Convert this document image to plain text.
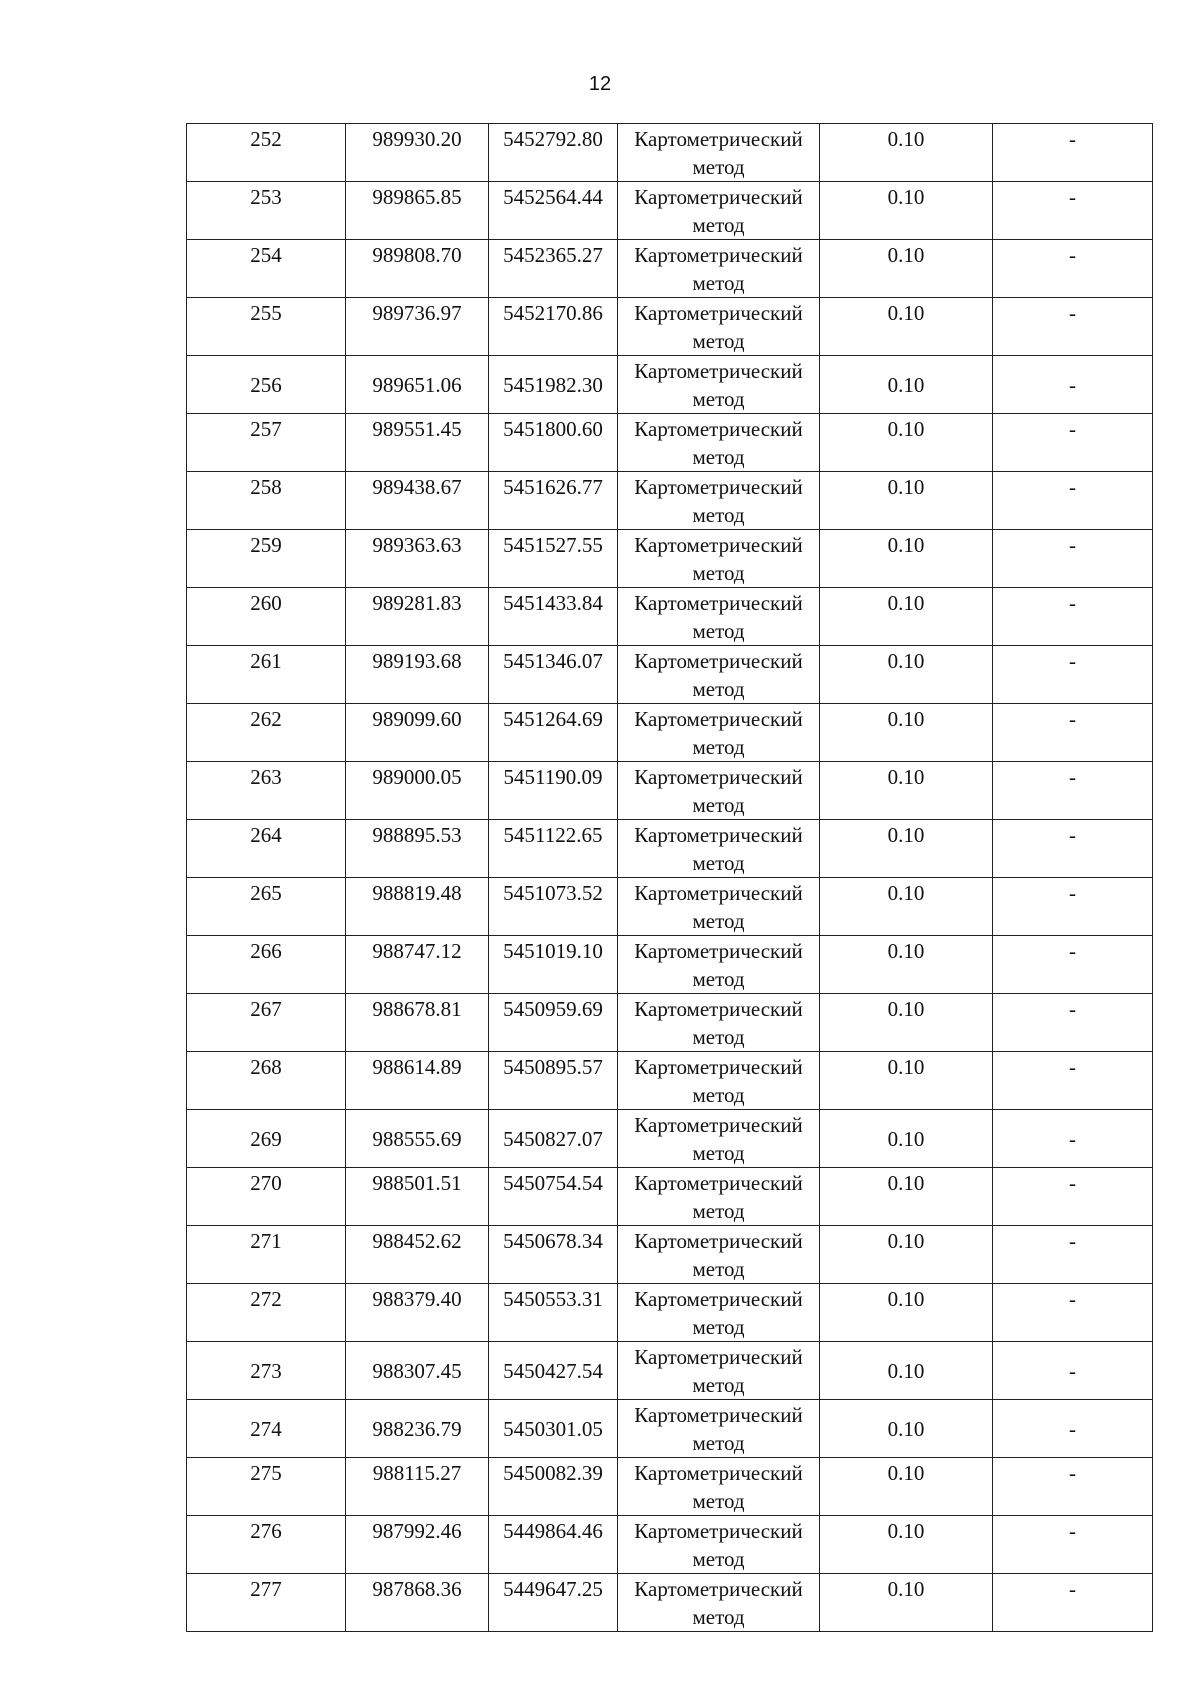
12
252	989930.20	5452792.80	Картометрический метод	0.10	-
253	989865.85	5452564.44	Картометрический метод	0.10	-
254	989808.70	5452365.27	Картометрический метод	0.10	-
255	989736.97	5452170.86	Картометрический метод	0.10	-
256	989651.06	5451982.30	Картометрический метод	0.10	-
257	989551.45	5451800.60	Картометрический метод	0.10	-
258	989438.67	5451626.77	Картометрический метод	0.10	-
259	989363.63	5451527.55	Картометрический метод	0.10	-
260	989281.83	5451433.84	Картометрический метод	0.10	-
261	989193.68	5451346.07	Картометрический метод	0.10	-
262	989099.60	5451264.69	Картометрический метод	0.10	-
263	989000.05	5451190.09	Картометрический метод	0.10	-
264	988895.53	5451122.65	Картометрический метод	0.10	-
265	988819.48	5451073.52	Картометрический метод	0.10	-
266	988747.12	5451019.10	Картометрический метод	0.10	-
267	988678.81	5450959.69	Картометрический метод	0.10	-
268	988614.89	5450895.57	Картометрический метод	0.10	-
269	988555.69	5450827.07	Картометрический метод	0.10	-
270	988501.51	5450754.54	Картометрический метод	0.10	-
271	988452.62	5450678.34	Картометрический метод	0.10	-
272	988379.40	5450553.31	Картометрический метод	0.10	-
273	988307.45	5450427.54	Картометрический метод	0.10	-
274	988236.79	5450301.05	Картометрический метод	0.10	-
275	988115.27	5450082.39	Картометрический метод	0.10	-
276	987992.46	5449864.46	Картометрический метод	0.10	-
277	987868.36	5449647.25	Картометрический метод	0.10	-
